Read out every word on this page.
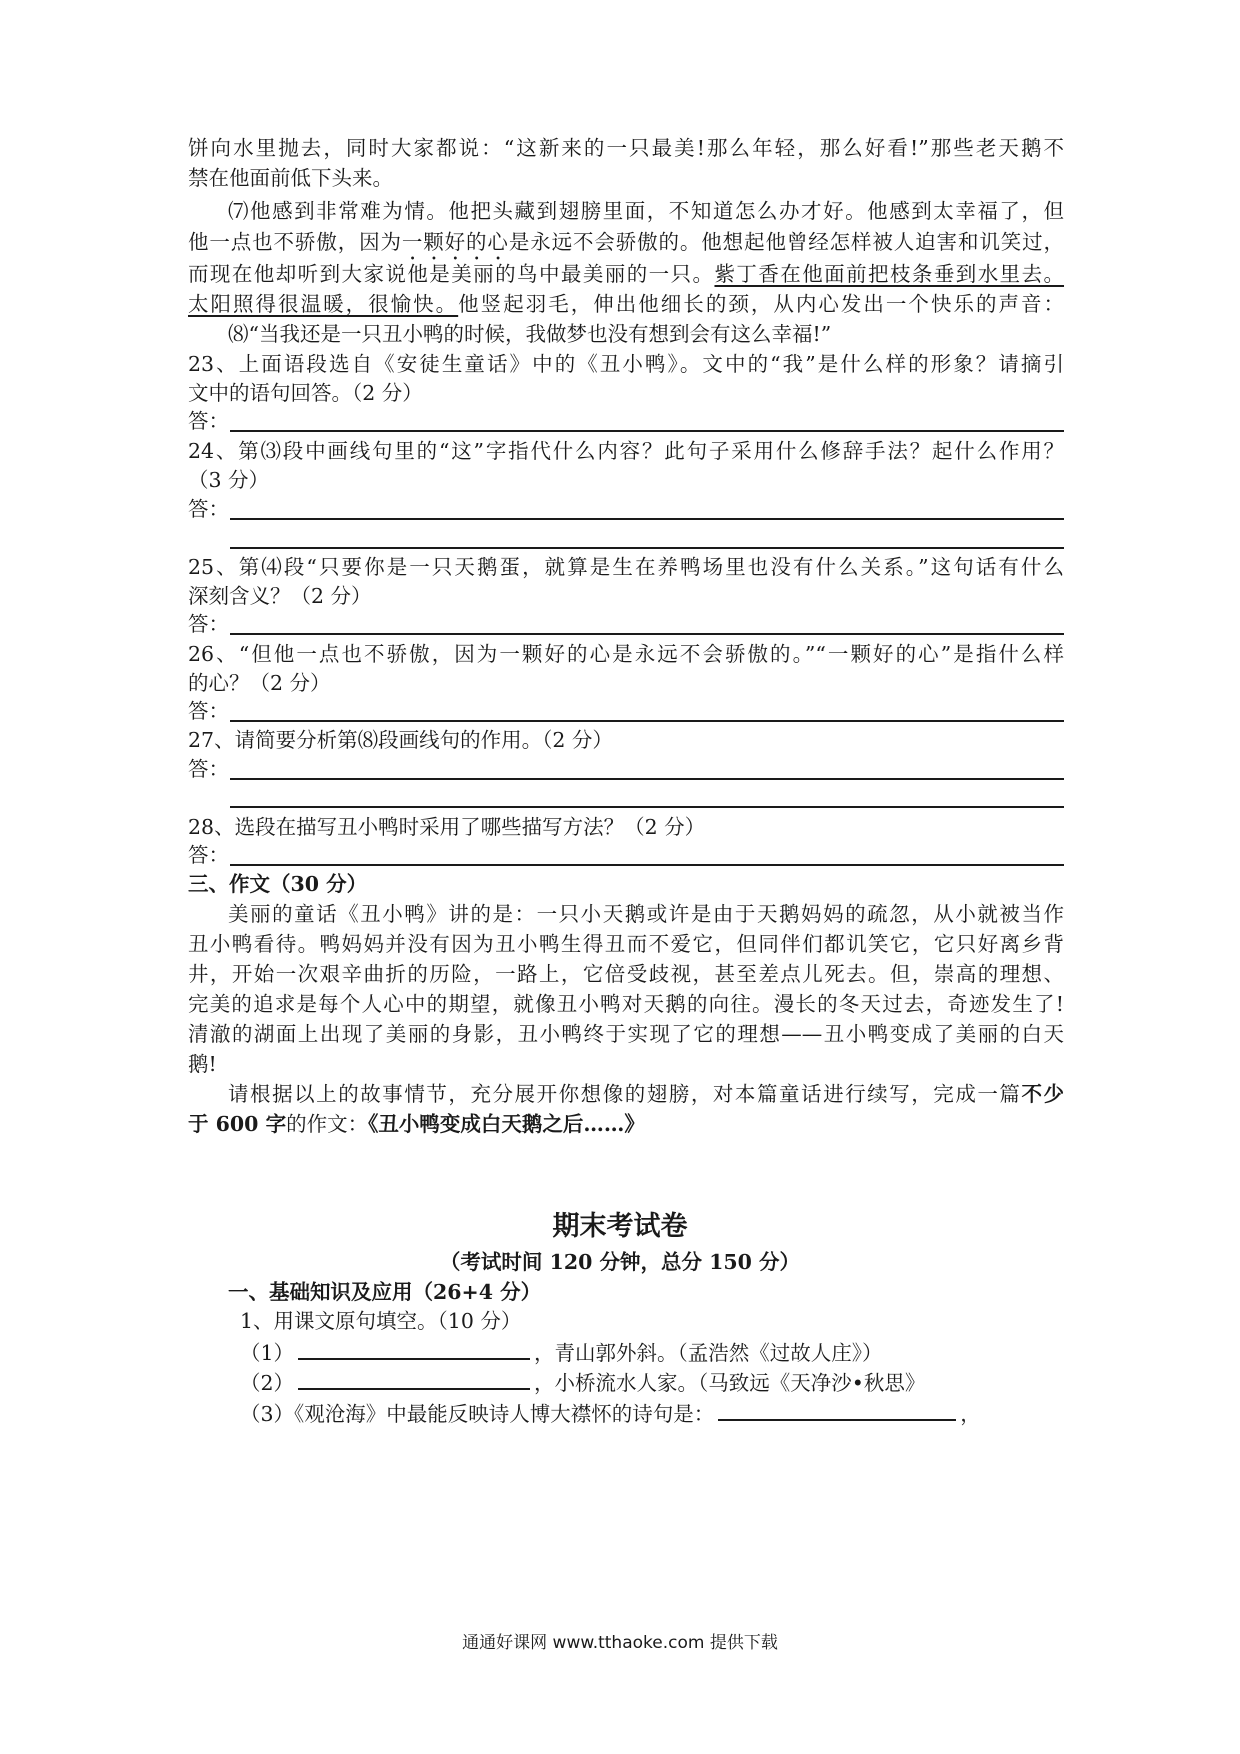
饼向水里抛去，同时大家都说：“这新来的一只最美!那么年轻，那么好看!”那些老天鹅不
禁在他面前低下头来。
⑺他感到非常难为情。他把头藏到翅膀里面，不知道怎么办才好。他感到太幸福了，但
他一点也不骄傲，因为一颗好的心是永远不会骄傲的。他想起他曾经怎样被人迫害和讥笑过，
而现在他却听到大家说他是美丽的鸟中最美丽的一只。紫丁香在他面前把枝条垂到水里去。
太阳照得很温暖，很愉快。他竖起羽毛，伸出他细长的颈，从内心发出一个快乐的声音：
⑻“当我还是一只丑小鸭的时候，我做梦也没有想到会有这么幸福!”
23、上面语段选自《安徒生童话》中的《丑小鸭》。文中的“我”是什么样的形象？请摘引
文中的语句回答。（2 分）
答：
24、第⑶段中画线句里的“这”字指代什么内容？此句子采用什么修辞手法？起什么作用？
（3 分）
答：
25、第⑷段“只要你是一只天鹅蛋，就算是生在养鸭场里也没有什么关系。”这句话有什么
深刻含义？（2 分）
答：
26、“但他一点也不骄傲，因为一颗好的心是永远不会骄傲的。”“一颗好的心”是指什么样
的心？（2 分）
答：
27、请简要分析第⑻段画线句的作用。（2 分）
答：
28、选段在描写丑小鸭时采用了哪些描写方法？（2 分）
答：
三、作文（30 分）
美丽的童话《丑小鸭》讲的是：一只小天鹅或许是由于天鹅妈妈的疏忽，从小就被当作
丑小鸭看待。鸭妈妈并没有因为丑小鸭生得丑而不爱它，但同伴们都讥笑它，它只好离乡背
井，开始一次艰辛曲折的历险，一路上，它倍受歧视，甚至差点儿死去。但，崇高的理想、
完美的追求是每个人心中的期望，就像丑小鸭对天鹅的向往。漫长的冬天过去，奇迹发生了!
清澈的湖面上出现了美丽的身影，丑小鸭终于实现了它的理想——丑小鸭变成了美丽的白天
鹅!
请根据以上的故事情节，充分展开你想像的翅膀，对本篇童话进行续写，完成一篇不少
于 600 字的作文：《丑小鸭变成白天鹅之后……》
期末考试卷
（考试时间 120 分钟，总分 150 分）
一、基础知识及应用（26+4 分）
1、用课文原句填空。（10 分）
（1）	，青山郭外斜。（孟浩然《过故人庄》）
（2）	，小桥流水人家。（马致远《天净沙•秋思》
（3）《观沧海》中最能反映诗人博大襟怀的诗句是：	，
通通好课网 www.tthaoke.com 提供下载
